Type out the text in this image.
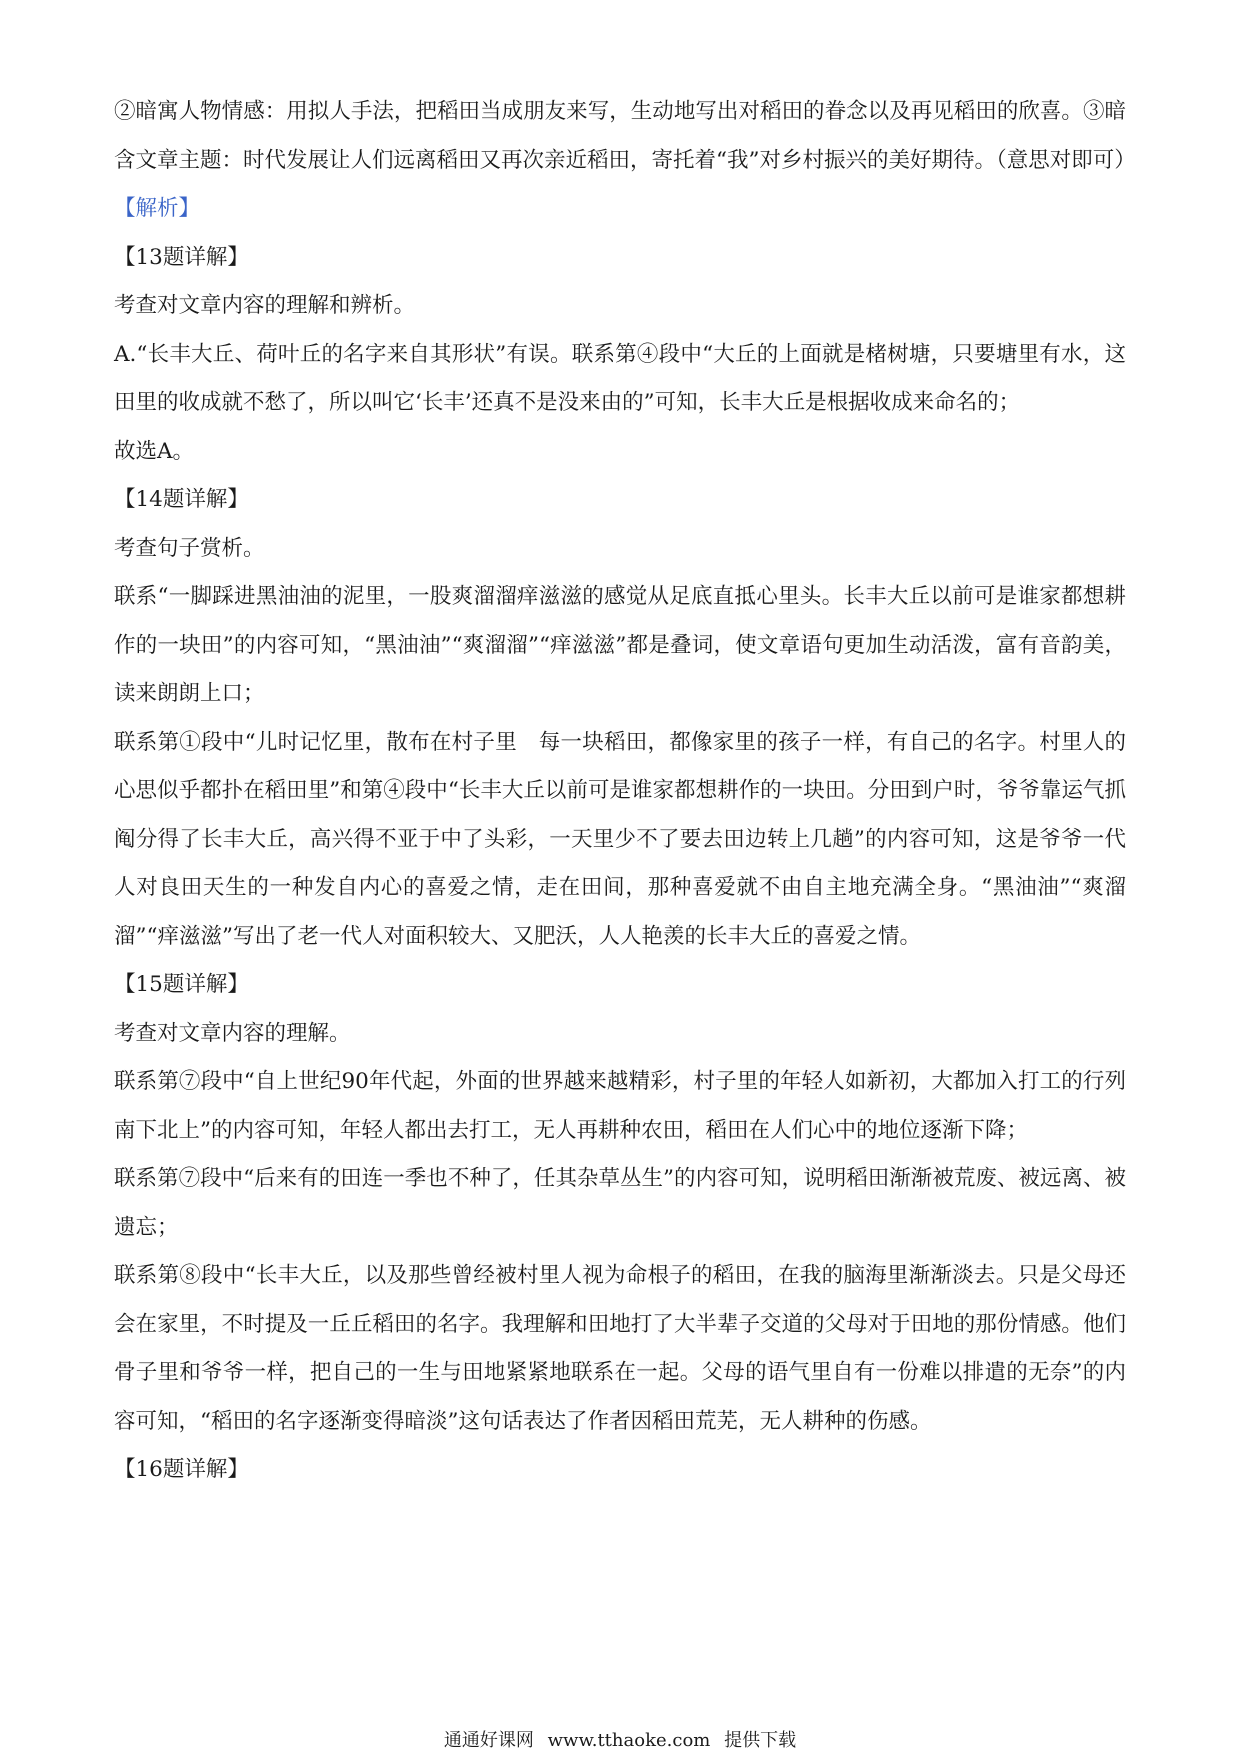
②暗寓人物情感：用拟人手法，把稻田当成朋友来写，生动地写出对稻田的眷念以及再见稻田的欣喜。③暗含文章主题：时代发展让人们远离稻田又再次亲近稻田，寄托着“我”对乡村振兴的美好期待。（意思对即可）

【解析】

【13题详解】

考查对文章内容的理解和辨析。

A.“长丰大丘、荷叶丘的名字来自其形状”有误。联系第④段中“大丘的上面就是楮树塘，只要塘里有水，这田里的收成就不愁了，所以叫它‘长丰’还真不是没来由的”可知，长丰大丘是根据收成来命名的；

故选A。

【14题详解】

考查句子赏析。

联系“一脚踩进黑油油的泥里，一股爽溜溜痒滋滋的感觉从足底直抵心里头。长丰大丘以前可是谁家都想耕作的一块田”的内容可知，“黑油油”“爽溜溜”“痒滋滋”都是叠词，使文章语句更加生动活泼，富有音韵美，读来朗朗上口；

联系第①段中“儿时记忆里，散布在村子里　每一块稻田，都像家里的孩子一样，有自己的名字。村里人的心思似乎都扑在稻田里”和第④段中“长丰大丘以前可是谁家都想耕作的一块田。分田到户时，爷爷靠运气抓阄分得了长丰大丘，高兴得不亚于中了头彩，一天里少不了要去田边转上几趟”的内容可知，这是爷爷一代人对良田天生的一种发自内心的喜爱之情，走在田间，那种喜爱就不由自主地充满全身。“黑油油”“爽溜溜”“痒滋滋”写出了老一代人对面积较大、又肥沃，人人艳羡的长丰大丘的喜爱之情。

【15题详解】

考查对文章内容的理解。

联系第⑦段中“自上世纪90年代起，外面的世界越来越精彩，村子里的年轻人如新初，大都加入打工的行列南下北上”的内容可知，年轻人都出去打工，无人再耕种农田，稻田在人们心中的地位逐渐下降；

联系第⑦段中“后来有的田连一季也不种了，任其杂草丛生”的内容可知，说明稻田渐渐被荒废、被远离、被遗忘；

联系第⑧段中“长丰大丘，以及那些曾经被村里人视为命根子的稻田，在我的脑海里渐渐淡去。只是父母还会在家里，不时提及一丘丘稻田的名字。我理解和田地打了大半辈子交道的父母对于田地的那份情感。他们骨子里和爷爷一样，把自己的一生与田地紧紧地联系在一起。父母的语气里自有一份难以排遣的无奈”的内容可知，“稻田的名字逐渐变得暗淡”这句话表达了作者因稻田荒芜，无人耕种的伤感。

【16题详解】

通通好课网 www.tthaoke.com 提供下载
